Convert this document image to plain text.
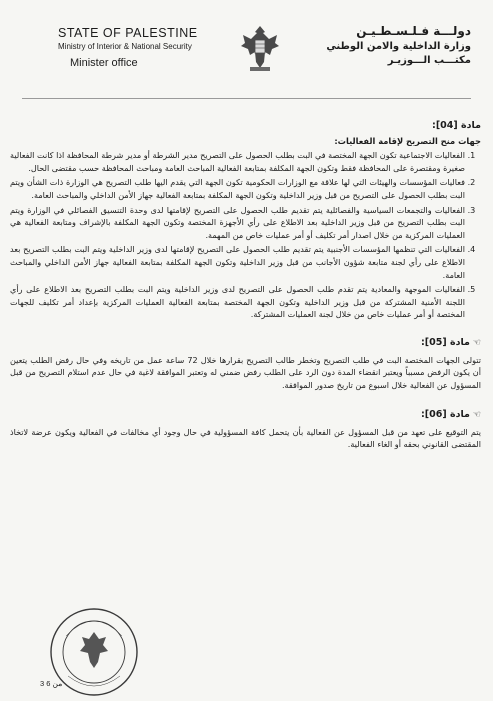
STATE OF PALESTINE
Ministry of Interior & National Security
Minister office
دولـــة فـلـسـطـيـن
وزارة الداخلية والامن الوطني
مكتـــب الـــوزيـر
مادة [04]:
جهات منح التصريح لإقامة الفعاليات:
1. الفعاليات الاجتماعية تكون الجهة المختصة في البت بطلب الحصول على التصريح مدير الشرطة أو مدير شرطة المحافظة اذا كانت الفعالية صغيرة ومقتصرة على المحافظة فقط وتكون الجهة المكلفة بمتابعة الفعالية المباحث العامة ومباحث المحافظة حسب مقتضى الحال.
2. فعاليات المؤسسات والهيئات التي لها علاقة مع الوزارات الحكومية تكون الجهة التي يقدم اليها طلب التصريح هي الوزارة ذات الشأن ويتم البت بطلب الحصول على التصريح من قبل وزير الداخلية وتكون الجهة المكلفة بمتابعة الفعالية جهاز الأمن الداخلي والمباحث العامة.
3. الفعاليات والتجمعات السياسية والفصائلية يتم تقديم طلب الحصول على التصريح لإقامتها لدى وحدة التنسيق الفصائلي في الوزارة ويتم البت بطلب التصريح من قبل وزير الداخلية بعد الاطلاع على رأي الأجهزة المختصة وتكون الجهة المكلفة بالإشراف ومتابعة الفعالية هي العمليات المركزية من خلال اصدار أمر تكليف أو أمر عمليات خاص من المهمة.
4. الفعاليات التي تنظمها المؤسسات الأجنبية يتم تقديم طلب الحصول على التصريح لإقامتها لدى وزير الداخلية ويتم البت بطلب التصريح بعد الاطلاع على رأي لجنة متابعة شؤون الأجانب من قبل وزير الداخلية وتكون الجهة المكلفة بمتابعة الفعالية جهاز الأمن الداخلي والمباحث العامة.
5. الفعاليات الموجهة والمعادية يتم تقدم طلب الحصول على التصريح لدى وزير الداخلية ويتم البت بطلب التصريح بعد الاطلاع على رأي اللجنة الأمنية المشتركة من قبل وزير الداخلية وتكون الجهة المختصة بمتابعة الفعالية العمليات المركزية بإعداد أمر تكليف للجهات المختصة أو أمر عمليات خاص من خلال لجنة العمليات المشتركة.
☜مادة [05]:

تتولى الجهات المختصة البت في طلب التصريح وتخطر طالب التصريح بقرارها خلال 72 ساعة عمل من تاريخه وفي حال رفض الطلب يتعين أن يكون الرفض مسبباً ويعتبر انقضاء المدة دون الرد على الطلب رفض ضمني له وتعتبر الموافقة لاغية في حال عدم استلام التصريح من قبل المسؤول عن الفعالية خلال اسبوع من تاريخ صدور الموافقة.

☜مادة [06]:

يتم التوقيع على تعهد من قبل المسؤول عن الفعالية بأن يتحمل كافة المسؤولية في حال وجود أي مخالفات في الفعالية ويكون عرضة لاتخاذ المقتضى القانوني بحقه أو الغاء الفعالية.

3 من 6
